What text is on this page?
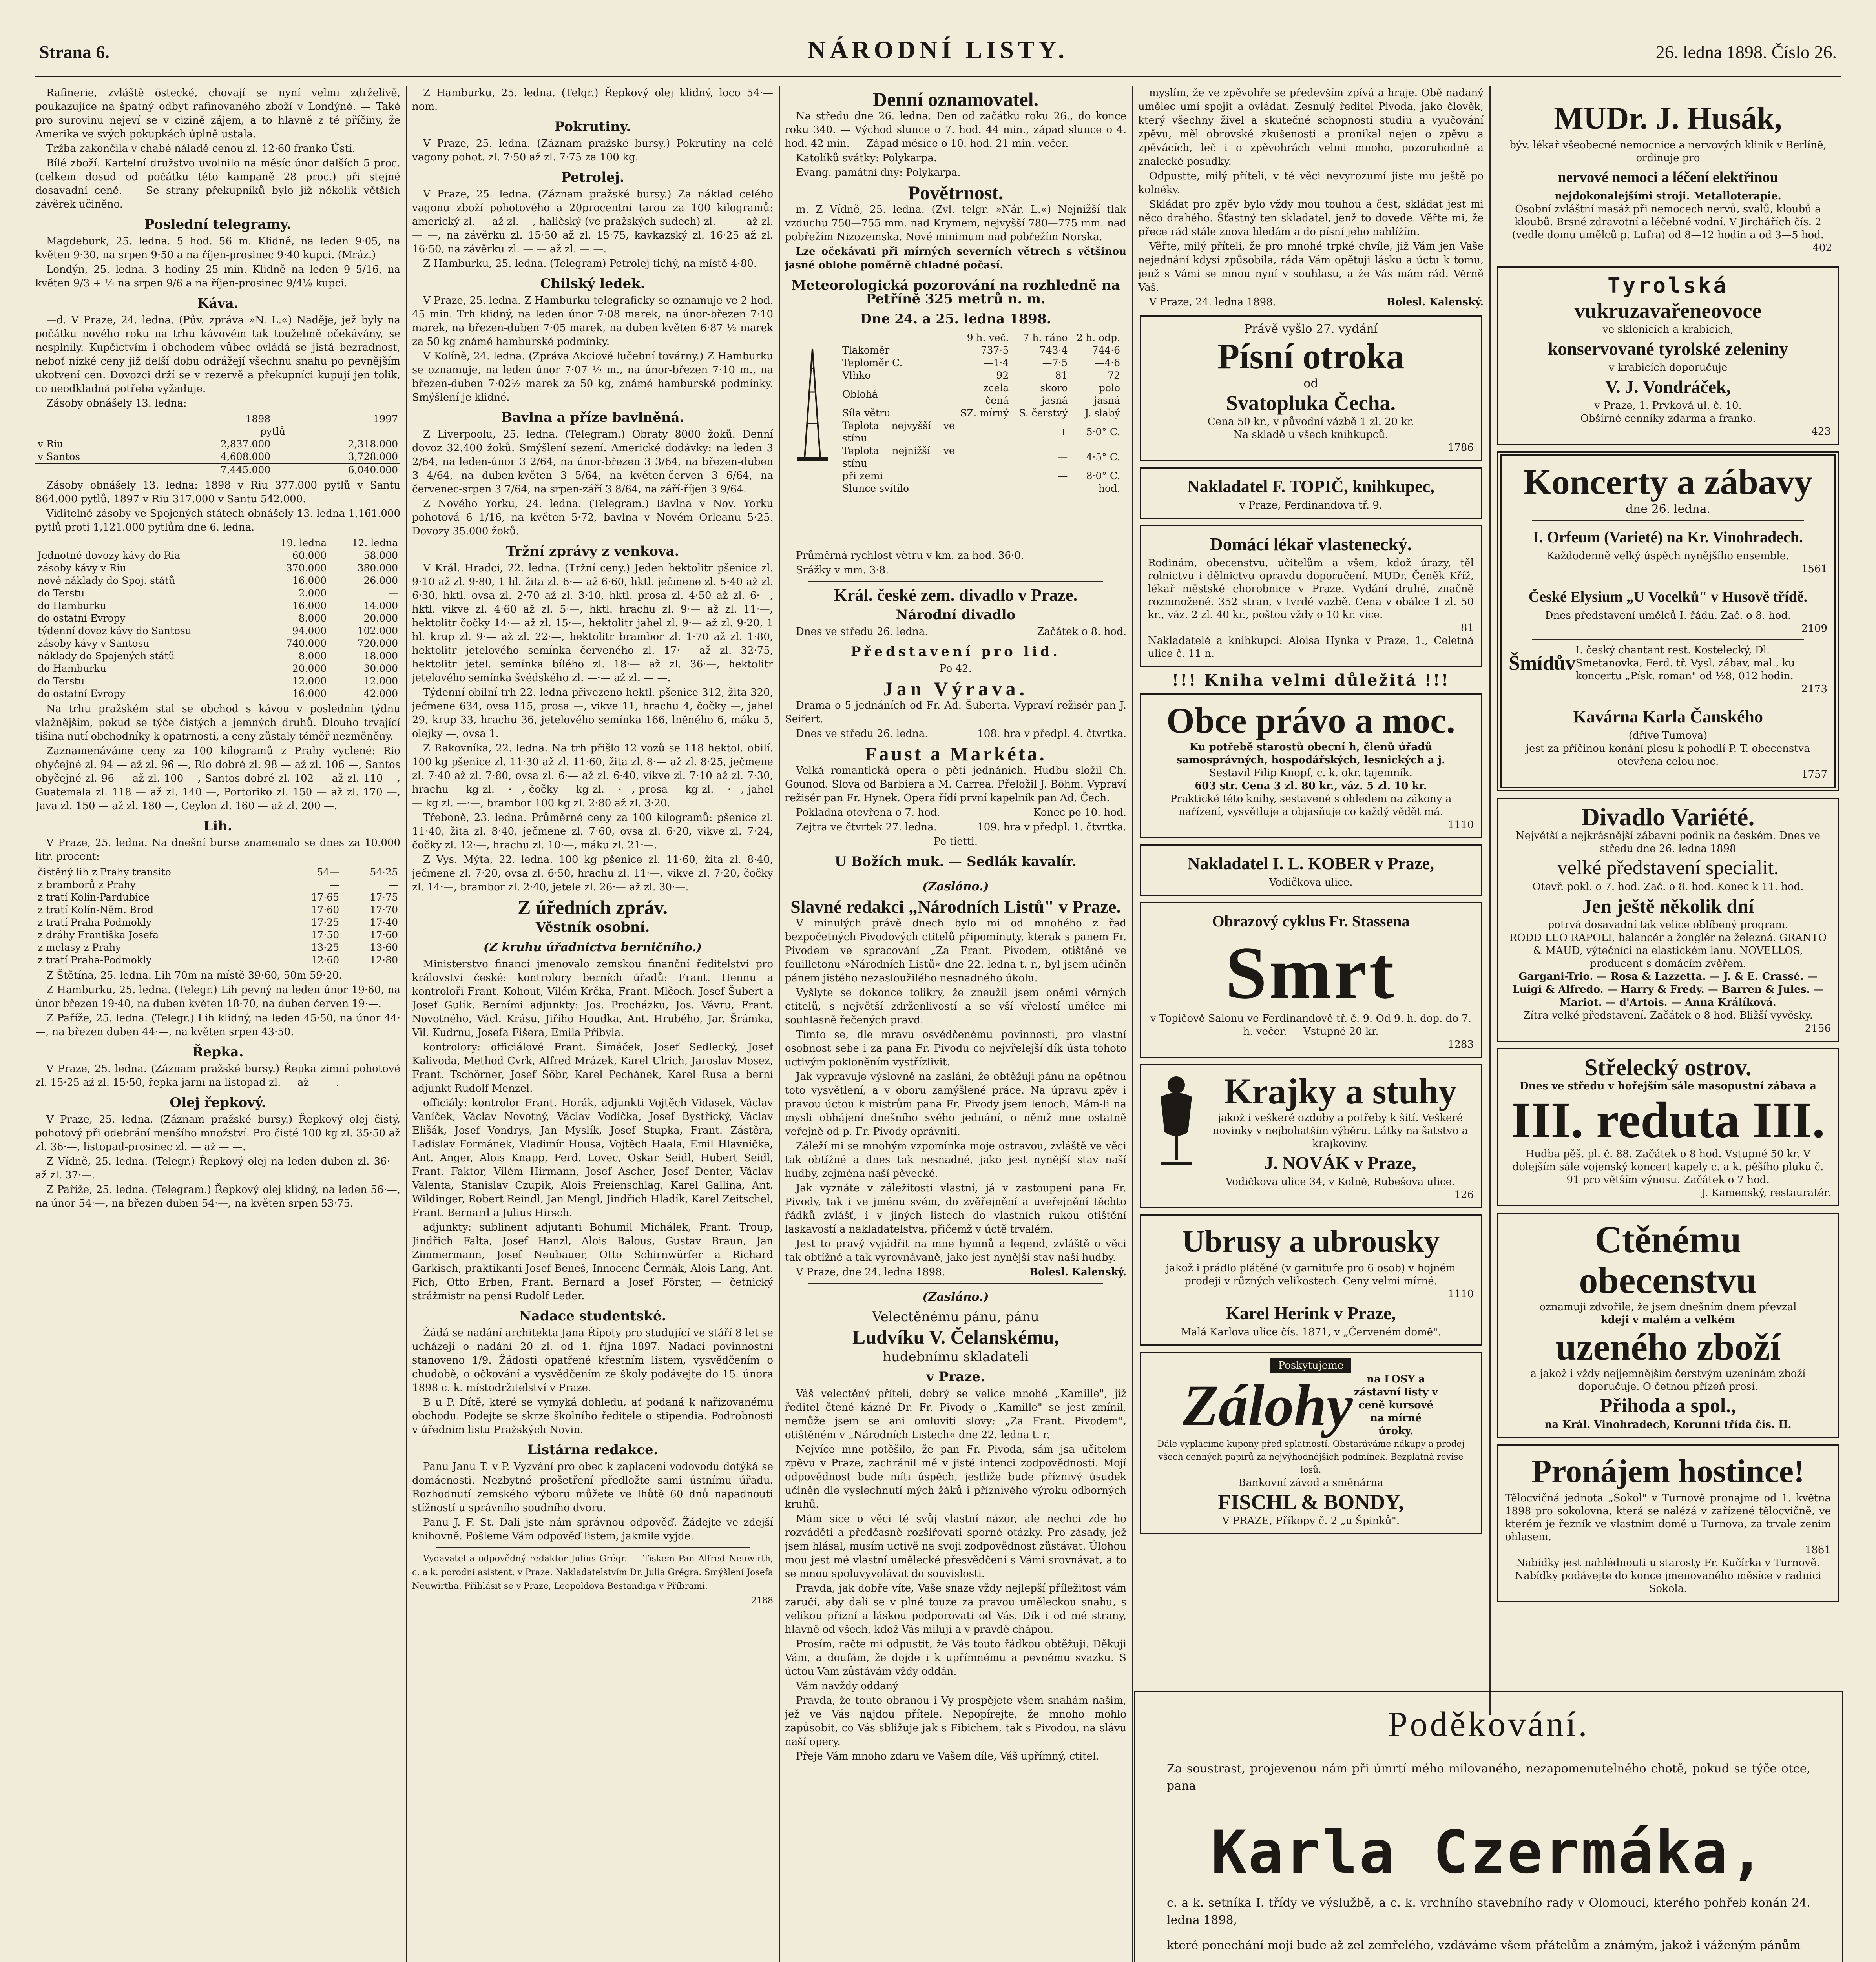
Strana 6.	NÁRODNÍ LISTY.	26. ledna 1898. Číslo 26.

Rafinerie, zvláště östecké, chovají se nyní velmi zdrželivě, poukazujíce na špatný odbyt rafinovaného zboží v Londýně. — Také pro surovinu nejeví se v cizině zájem, a to hlavně z té příčiny, že Amerika ve svých pokupkách úplně ustala.

Tržba zakončila v chabé náladě cenou zl. 12·60 franko Ústí.

Bílé zboží. Kartelní družstvo uvolnilo na měsíc únor dalších 5 proc. (celkem dosud od počátku této kampaně 28 proc.) při stejné dosavadní ceně. — Se strany překupníků bylo již několik větších závěrek učiněno.

Poslední telegramy.

Magdeburk, 25. ledna. 5 hod. 56 m. Klidně, na leden 9·05, na květen 9·30, na srpen 9·50 a na říjen-prosinec 9·40 kupci. (Mráz.)

Londýn, 25. ledna. 3 hodiny 25 min. Klidně na leden 9 5/16, na květen 9/3 + ¼ na srpen 9/6 a na říjen-prosinec 9/4⅛ kupci.

Káva.

—d. V Praze, 24. ledna. (Pův. zpráva »N. L.«) Naděje, jež byly na počátku nového roku na trhu kávovém tak toužebně očekávány, se nesplnily. Kupčictvím i obchodem vůbec ovládá se jistá bezradnost, neboť nízké ceny již delší dobu odrážejí všechnu snahu po pevnějším ukotvení cen. Dovozci drží se v rezervě a překupníci kupují jen tolik, co neodkladná potřeba vyžaduje.

Zásoby obnášely 13. ledna:

	1898	1997
	pytlů	
v Riu	2,837.000	2,318.000
v Santos	4,608.000	3,728.000
	7,445.000	6,040.000

Zásoby obnášely 13. ledna: 1898 v Riu 377.000 pytlů v Santu 864.000 pytlů, 1897 v Riu 317.000 v Santu 542.000.

Viditelné zásoby ve Spojených státech obnášely 13. ledna 1,161.000 pytlů proti 1,121.000 pytlům dne 6. ledna.

	19. ledna	12. ledna
Jednotné dovozy kávy do Ria	60.000	58.000
zásoby kávy v Riu	370.000	380.000
nové náklady do Spoj. států	16.000	26.000
do Terstu	2.000	—
do Hamburku	16.000	14.000
do ostatní Evropy	8.000	20.000
týdenní dovoz kávy do Santosu	94.000	102.000
zásoby kávy v Santosu	740.000	720.000
náklady do Spojených států	8.000	18.000
do Hamburku	20.000	30.000
do Terstu	12.000	12.000
do ostatní Evropy	16.000	42.000

Na trhu pražském stal se obchod s kávou v posledním týdnu vlažnějším, pokud se týče čistých a jemných druhů. Dlouho trvající tišina nutí obchodníky k opatrnosti, a ceny zůstaly téměř nezměněny.

Zaznamenáváme ceny za 100 kilogramů z Prahy vyclené: Rio obyčejné zl. 94 — až zl. 96 —, Rio dobré zl. 98 — až zl. 106 —, Santos obyčejné zl. 96 — až zl. 100 —, Santos dobré zl. 102 — až zl. 110 —, Guatemala zl. 118 — až zl. 140 —, Portoriko zl. 150 — až zl. 170 —, Java zl. 150 — až zl. 180 —, Ceylon zl. 160 — až zl. 200 —.

Lih.

V Praze, 25. ledna. Na dnešní burse znamenalo se dnes za 10.000 litr. procent:

čistěný lih z Prahy transito	54—	54·25
z bramborů z Prahy	—	—
z tratí Kolín-Pardubice	17·65	17·75
z tratí Kolín-Něm. Brod	17·60	17·70
z tratí Praha-Podmokly	17·25	17·40
z dráhy Františka Josefa	17·50	17·60
z melasy z Prahy	13·25	13·60
z tratí Praha-Podmokly	12·60	12·80

Z Štětína, 25. ledna. Lih 70m na místě 39·60, 50m 59·20.

Z Hamburku, 25. ledna. (Telegr.) Lih pevný na leden únor 19·60, na únor březen 19·40, na duben květen 18·70, na duben červen 19·—.

Z Paříže, 25. ledna. (Telegr.) Lih klidný, na leden 45·50, na únor 44·—, na březen duben 44·—, na květen srpen 43·50.

Řepka.

V Praze, 25. ledna. (Záznam pražské bursy.) Řepka zimní pohotové zl. 15·25 až zl. 15·50, řepka jarní na listopad zl. — až — —.

Olej řepkový.

V Praze, 25. ledna. (Záznam pražské bursy.) Řepkový olej čistý, pohotový při odebrání menšího množství. Pro čisté 100 kg zl. 35·50 až zl. 36·—, listopad-prosinec zl. — až — —.

Z Vídně, 25. ledna. (Telegr.) Řepkový olej na leden duben zl. 36·— až zl. 37·—.

Z Paříže, 25. ledna. (Telegram.) Řepkový olej klidný, na leden 56·—, na únor 54·—, na březen duben 54·—, na květen srpen 53·75.

Z Hamburku, 25. ledna. (Telgr.) Řepkový olej klidný, loco 54·— nom.

Pokrutiny.

V Praze, 25. ledna. (Záznam pražské bursy.) Pokrutiny na celé vagony pohot. zl. 7·50 až zl. 7·75 za 100 kg.

Petrolej.

V Praze, 25. ledna. (Záznam pražské bursy.) Za náklad celého vagonu zboží pohotového a 20procentní tarou za 100 kilogramů: americký zl. — až zl. —, haličský (ve pražských sudech) zl. — — až zl. — —, na závěrku zl. 15·50 až zl. 15·75, kavkazský zl. 16·25 až zl. 16·50, na závěrku zl. — — až zl. — —.

Z Hamburku, 25. ledna. (Telegram) Petrolej tichý, na místě 4·80.

Chilský ledek.

V Praze, 25. ledna. Z Hamburku telegraficky se oznamuje ve 2 hod. 45 min. Trh klidný, na leden únor 7·08 marek, na únor-březen 7·10 marek, na březen-duben 7·05 marek, na duben květen 6·87 ½ marek za 50 kg známé hamburské podmínky.

V Kolíně, 24. ledna. (Zpráva Akciové lučební továrny.) Z Hamburku se oznamuje, na leden únor 7·07 ½ m., na únor-březen 7·10 m., na březen-duben 7·02½ marek za 50 kg, známé hamburské podmínky. Smýšlení je klidné.

Bavlna a příze bavlněná.

Z Liverpoolu, 25. ledna. (Telegram.) Obraty 8000 žoků. Denní dovoz 32.400 žoků. Smýšlení sezení. Americké dodávky: na leden 3 2/64, na leden-únor 3 2/64, na únor-březen 3 3/64, na březen-duben 3 4/64, na duben-květen 3 5/64, na květen-červen 3 6/64, na červenec-srpen 3 7/64, na srpen-září 3 8/64, na září-říjen 3 9/64.

Z Nového Yorku, 24. ledna. (Telegram.) Bavlna v Nov. Yorku pohotová 6 1/16, na květen 5·72, bavlna v Novém Orleanu 5·25. Dovozy 35.000 žoků.

Tržní zprávy z venkova.

V Král. Hradci, 22. ledna. (Tržní ceny.) Jeden hektolitr pšenice zl. 9·10 až zl. 9·80, 1 hl. žita zl. 6·— až 6·60, hktl. ječmene zl. 5·40 až zl. 6·30, hktl. ovsa zl. 2·70 až zl. 3·10, hktl. prosa zl. 4·50 až zl. 6·—, hktl. vikve zl. 4·60 až zl. 5·—, hktl. hrachu zl. 9·— až zl. 11·—, hektolitr čočky 14·— až zl. 15·—, hektolitr jahel zl. 9·— až zl. 9·20, 1 hl. krup zl. 9·— až zl. 22·—, hektolitr brambor zl. 1·70 až zl. 1·80, hektolitr jetelového semínka červeného zl. 17·— až zl. 32·75, hektolitr jetel. semínka bílého zl. 18·— až zl. 36·—, hektolitr jetelového semínka švédského zl. —·— až zl. — —.

Týdenní obilní trh 22. ledna přivezeno hektl. pšenice 312, žita 320, ječmene 634, ovsa 115, prosa —, vikve 11, hrachu 4, čočky —, jahel 29, krup 33, hrachu 36, jetelového semínka 166, lněného 6, máku 5, olejky —, ovsa 1.

Z Rakovníka, 22. ledna. Na trh přišlo 12 vozů se 118 hektol. obilí. 100 kg pšenice zl. 11·30 až zl. 11·60, žita zl. 8·— až zl. 8·25, ječmene zl. 7·40 až zl. 7·80, ovsa zl. 6·— až zl. 6·40, vikve zl. 7·10 až zl. 7·30, hrachu — kg zl. —·—, čočky — kg zl. —·—, prosa — kg zl. —·—, jahel — kg zl. —·—, brambor 100 kg zl. 2·80 až zl. 3·20.

Třeboně, 23. ledna. Průměrné ceny za 100 kilogramů: pšenice zl. 11·40, žita zl. 8·40, ječmene zl. 7·60, ovsa zl. 6·20, vikve zl. 7·24, čočky zl. 12·—, hrachu zl. 10·—, máku zl. 21·—.

Z Vys. Mýta, 22. ledna. 100 kg pšenice zl. 11·60, žita zl. 8·40, ječmene zl. 7·20, ovsa zl. 6·50, hrachu zl. 11·—, vikve zl. 7·20, čočky zl. 14·—, brambor zl. 2·40, jetele zl. 26·— až zl. 30·—.

Z úředních zpráv.
Věstník osobní.
(Z kruhu úřadnictva berničního.)

Ministerstvo financí jmenovalo zemskou finanční ředitelství pro království české: kontrolory berních úřadů: Frant. Hennu a kontroloři Frant. Kohout, Vilém Krčka, Frant. Mlčoch. Josef Šubert a Josef Gulík. Berními adjunkty: Jos. Procházku, Jos. Vávru, Frant. Novotného, Václ. Krásu, Jiřího Houdka, Ant. Hrubého, Jar. Šrámka, Vil. Kudrnu, Josefa Fišera, Emila Přibyla.

kontrolory: officiálové Frant. Šimáček, Josef Sedlecký, Josef Kalivoda, Method Cvrk, Alfred Mrázek, Karel Ulrich, Jaroslav Mosez, Frant. Tschörner, Josef Šöbr, Karel Pechánek, Karel Rusa a berní adjunkt Rudolf Menzel.

officiály: kontrolor Frant. Horák, adjunkti Vojtěch Vidasek, Václav Vaníček, Václav Novotný, Václav Vodička, Josef Bystřický, Václav Elišák, Josef Vondrys, Jan Myslík, Josef Stupka, Frant. Zástěra, Ladislav Formánek, Vladimír Housa, Vojtěch Haala, Emil Hlavnička, Ant. Anger, Alois Knapp, Ferd. Lovec, Oskar Seidl, Hubert Seidl, Frant. Faktor, Vilém Hirmann, Josef Ascher, Josef Denter, Václav Valenta, Stanislav Czupik, Alois Freienschlag, Karel Gallina, Ant. Wildinger, Robert Reindl, Jan Mengl, Jindřich Hladík, Karel Zeitschel, Frant. Bernard a Julius Hirsch.

adjunkty: sublinent adjutanti Bohumil Michálek, Frant. Troup, Jindřich Falta, Josef Hanzl, Alois Balous, Gustav Braun, Jan Zimmermann, Josef Neubauer, Otto Schirnwürfer a Richard Garkisch, praktikanti Josef Beneš, Innocenc Čermák, Alois Lang, Ant. Fich, Otto Erben, Frant. Bernard a Josef Förster, — četnický strážmistr na pensi Rudolf Leder.

Nadace studentské.

Žádá se nadání architekta Jana Řípoty pro studující ve stáří 8 let se ucházejí o nadání 20 zl. od 1. října 1897. Nadací povinnostní stanoveno 1/9. Žádosti opatřené křestním listem, vysvědčením o chudobě, o očkování a vysvědčením ze školy podávejte do 15. února 1898 c. k. místodržitelství v Praze.

B u P. Dítě, které se vymyká dohledu, ať podaná k nařizovanému obchodu. Podejte se skrze školního ředitele o stipendia. Podrobnosti v úředním listu Pražských Novin.

Listárna redakce.

Panu Janu T. v P. Vyzvání pro obec k zaplacení vodovodu dotýká se domácnosti. Nezbytné prošetření předložte sami ústnímu úřadu. Rozhodnutí zemského výboru můžete ve lhůtě 60 dnů napadnouti stížností u správního soudního dvoru.

Panu J. F. St. Dali jste nám správnou odpověď. Žádejte ve zdejší knihovně. Pošleme Vám odpověď listem, jakmile vyjde.

Vydavatel a odpovědný redaktor Julius Grégr. — Tiskem Pan Alfred Neuwirth, c. a k. porodní asistent, v Praze. Nakladatelstvím Dr. Julia Grégra. Smýšlení Josefa Neuwirtha. Přihlásit se v Praze, Leopoldova Bestandiga v Příbrami.

2188

Denní oznamovatel.

Na středu dne 26. ledna. Den od začátku roku 26., do konce roku 340. — Východ slunce o 7. hod. 44 min., západ slunce o 4. hod. 42 min. — Západ měsíce o 10. hod. 21 min. večer.

Katolíků svátky: Polykarpa.

Evang. památní dny: Polykarpa.

Povětrnost.

m. Z Vídně, 25. ledna. (Zvl. telgr. »Nár. L.«) Nejnižší tlak vzduchu 750—755 mm. nad Krymem, nejvyšší 780—775 mm. nad pobřežím Nizozemska. Nové minimum nad pobřežím Norska.

Lze očekávati při mírných severních větrech s většinou jasné oblohe poměrně chladné počasí.

Meteorologická pozorování na rozhledně na Petříně 325 metrů n. m.
Dne 24. a 25. ledna 1898.
	9 h. več.	7 h. ráno	2 h. odp.
Tlakoměr	737·5	743·4	744·6
Teploměr C.	—1·4	—7·5	—4·6
Vlhko	92	81	72
Oblohá	zcela čená	skoro jasná	polo jasná
Síla větru	SZ. mírný	S. čerstvý	J. slabý
Teplota nejvyšší ve stínu		+	5·0° C.
Teplota nejnižší ve stínu		—	4·5° C.
při zemi		—	8·0° C.
Slunce svítilo		—	hod.

Průměrná rychlost větru v km. za hod. 36·0.

Srážky v mm. 3·8.

Král. české zem. divadlo v Praze.
Národní divadlo

Dnes ve středu 26. ledna.	Začátek o 8. hod.

Představení pro lid.
Po 42.
Jan Výrava.

Drama o 5 jednáních od Fr. Ad. Šuberta. Vypraví režisér pan J. Seifert.

Dnes ve středu 26. ledna.	108. hra v předpl. 4. čtvrtka.

Faust a Markéta.

Velká romantická opera o pěti jednáních. Hudbu složil Ch. Gounod. Slova od Barbiera a M. Carrea. Přeložil J. Böhm. Vypraví režisér pan Fr. Hynek. Opera řídí první kapelník pan Ad. Čech.

Pokladna otevřena o 7. hod.	Konec po 10. hod.

Zejtra ve čtvrtek 27. ledna.	109. hra v předpl. 1. čtvrtka.

Po tietti.
U Božích muk. — Sedlák kavalír.
(Zasláno.)
Slavné redakci „Národních Listů" v Praze.

V minulých právě dnech bylo mi od mnohého z řad bezpočetných Pivodových ctitelů připomínuty, kterak s panem Fr. Pivodem ve spracování „Za Frant. Pivodem, otištěné ve feuilletonu »Národních Listů« dne 22. ledna t. r., byl jsem učiněn pánem jistého nezasloužilého nesnadného úkolu.

Vyšlyte se dokonce tolikry, že zneužil jsem oněmi věrných ctitelů, s největší zdrženlivostí a se vší vřelostí umělce mi souhlasně řečených pravd.

Tímto se, dle mravu osvědčenému povinnosti, pro vlastní osobnost sebe i za pana Fr. Pivodu co nejvřelejší dík ústa tohoto uctivým pokloněním vystřízlivit.

Jak vypravuje výslovně na zasláni, že obtěžuji pánu na opětnou toto vysvětlení, a v oboru zamýšlené práce. Na úpravu zpěv i pravou úctou k mistrům pana Fr. Pivody jsem lenoch. Mám-li na mysli obhájení dnešního svého jednání, o němž mne ostatně veřejně od p. Fr. Pivody oprávniti.

Záleží mi se mnohým vzpomínka moje ostravou, zvláště ve věci tak obtížné a dnes tak nesnadné, jako jest nynější stav naší hudby, zejména naší pěvecké.

Jak vyznáte v záležitosti vlastní, já v zastoupení pana Fr. Pivody, tak i ve jménu svém, do zvěřejnění a uveřejnění těchto řádků zvlášť, i v jiných listech do vlastních rukou otištění laskavostí a nakladatelstva, přičemž v úctě trvalém.

Jest to pravý vyjádřit na mne hymnů a legend, zvláště o věci tak obtížné a tak vyrovnávaně, jako jest nynější stav naší hudby.

V Praze, dne 24. ledna 1898.	Bolesl. Kalenský.

(Zasláno.)
Velectěnému pánu, pánu
Ludvíku V. Čelanskému,
hudebnímu skladateli
v Praze.

Váš velectěný příteli, dobrý se velice mnohé „Kamille", již ředitel čtené kázné Dr. Fr. Pivody o „Kamille" se jest zmínil, nemůže jsem se ani omluviti slovy: „Za Frant. Pivodem", otištěném v „Národních Listech« dne 22. ledna t. r.

Nejvíce mne potěšilo, že pan Fr. Pivoda, sám jsa učitelem zpěvu v Praze, zachránil mě v jisté intenci zodpovědnosti. Mojí odpovědnost bude míti úspěch, jestliže bude příznivý úsudek učiněn dle vyslechnutí mých žáků i příznivého výroku odborných kruhů.

Mám sice o věci té svůj vlastní názor, ale nechci zde ho rozváděti a předčasně rozšiřovati sporné otázky. Pro zásady, jež jsem hlásal, musím uctivě na svoji zodpovědnost zůstávat. Úlohou mou jest mé vlastní umělecké přesvědčení s Vámi srovnávat, a to se mnou spoluvyvolávat do souvislosti.

Pravda, jak dobře víte, Vaše snaze vždy nejlepší příležitost vám zaručí, aby dali se v plné touze za pravou uměleckou snahu, s velikou přízní a láskou podporovati od Vás. Dík i od mé strany, hlavně od všech, kdož Vás milují a v pravdě chápou.

Prosím, račte mi odpustit, že Vás touto řádkou obtěžuji. Děkuji Vám, a doufám, že dojde i k upřímnému a pevnému svazku. S úctou Vám zůstávám vždy oddán.

Vám navždy oddaný

Pravda, že touto obranou i Vy prospějete všem snahám našim, jež ve Vás najdou přítele. Nepopírejte, že mnoho mohlo zapůsobit, co Vás sbližuje jak s Fibichem, tak s Pivodou, na slávu naší opery.

Přeje Vám mnoho zdaru ve Vašem díle, Váš upřímný, ctitel.

myslím, že ve zpěvohře se především zpívá a hraje. Obě nadaný umělec umí spojit a ovládat. Zesnulý ředitel Pivoda, jako člověk, který všechny živel a skutečné schopnosti studiu a vyučování zpěvu, měl obrovské zkušenosti a pronikal nejen o zpěvu a zpěvácích, leč i o zpěvohrách velmi mnoho, pozoruhodně a znalecké posudky.

Odpustte, milý příteli, v té věci nevyrozumí jiste mu ještě po kolnéky.

Skládat pro zpěv bylo vždy mou touhou a čest, skládat jest mi něco drahého. Šťastný ten skladatel, jenž to dovede. Věřte mi, že přece rád stále znova hledám a do písní jeho nahlížím.

Věřte, milý příteli, že pro mnohé trpké chvíle, již Vám jen Vaše nejednání kdysi způsobila, ráda Vám opětuji lásku a úctu k tomu, jenž s Vámi se mnou nyní v souhlasu, a že Vás mám rád. Věrně Váš.

V Praze, 24. ledna 1898.	Bolesl. Kalenský.

Právě vyšlo 27. vydání
Písní otroka
od
Svatopluka Čecha.
Cena 50 kr., v původní vázbě 1 zl. 20 kr.
Na skladě u všech knihkupců.
1786
Nakladatel F. TOPIČ, knihkupec,
v Praze, Ferdinandova tř. 9.
Domácí lékař vlastenecký.
Rodinám, obecenstvu, učitelům a všem, kdož úrazy, těl rolnictvu i dělnictvu opravdu doporučení. MUDr. Čeněk Kříž, lékař městské chorobnice v Praze. Vydání druhé, značně rozmnožené. 352 stran, v tvrdé vazbě. Cena v obálce 1 zl. 50 kr., váz. 2 zl. 40 kr., poštou vždy o 10 kr. více.
81
Nakladatelé a knihkupci: Aloisa Hynka v Praze, 1., Celetná ulice č. 11 n.
!!! Kniha velmi důležitá !!!
Obce právo a moc.
Ku potřebě starostů obecní h, členů úřadů samosprávných, hospodářských, lesnických a j.
Sestavil Filip Knopf, c. k. okr. tajemník.
603 str. Cena 3 zl. 80 kr., váz. 5 zl. 10 kr.
Praktické této knihy, sestavené s ohledem na zákony a nařízení, vysvětluje a objasňuje co každý vědět má.
1110
Nakladatel I. L. KOBER v Praze,
Vodičkova ulice.
Obrazový cyklus Fr. Stassena
Smrt
v Topičově Salonu ve Ferdinandově tř. č. 9. Od 9. h. dop. do 7. h. večer. — Vstupné 20 kr.
1283
Krajky a stuhy
jakož i veškeré ozdoby a potřeby k šití. Veškeré novinky v nejbohatším výběru. Látky na šatstvo a krajkoviny.
J. NOVÁK v Praze,
Vodičkova ulice 34, v Kolně, Rubešova ulice.
126
Ubrusy a ubrousky
jakož i prádlo plátěné (v garnituře pro 6 osob) v hojném prodeji v různých velikostech. Ceny velmi mírné.
1110
Karel Herink v Praze,
Malá Karlova ulice čís. 1871, v „Červeném domě".
Poskytujeme
Zálohy	na LOSY a zástavní listy v ceně kursové na mírné úroky.
Dále vyplácíme kupony před splatností. Obstaráváme nákupy a prodej všech cenných papírů za nejvýhodnějších podmínek. Bezplatná revise losů.
Bankovní závod a směnárna
FISCHL & BONDY,
V PRAZE, Příkopy č. 2 „u Špinků".
MUDr. J. Husák,
býv. lékař všeobecné nemocnice a nervových klinik v Berlíně, ordinuje pro
nervové nemoci a léčení elektřinou
nejdokonalejšími stroji. Metalloterapie.
Osobní zvláštní masáž při nemocech nervů, svalů, kloubů a kloubů. Brsné zdravotní a léčebné vodní. V Jirchářích čís. 2 (vedle domu umělců p. Lufra) od 8—12 hodin a od 3—5 hod.
402
Tyrolská
vukruzavařeneovoce
ve sklenicích a krabicích,
konservované tyrolské zeleniny
v krabicích doporučuje
V. J. Vondráček,
v Praze, 1. Prvková ul. č. 10.
Obšírné cenníky zdarma a franko.
423
Koncerty a zábavy
dne 26. ledna.
I. Orfeum (Varieté) na Kr. Vinohradech.
Každodenně velký úspěch nynějšího ensemble.
1561
České Elysium „U Vocelků" v Husově třídě.
Dnes představení umělců I. řádu. Zač. o 8. hod.
2109
Šmídův
I. český chantant rest. Kostelecký, Dl. Smetanovka, Ferd. tř. Vysl. zábav, mal., ku koncertu „Písk. roman" od ½8, 012 hodin.
2173
Kavárna Karla Čanského
(dříve Tumova)
jest za příčinou konání plesu k pohodlí P. T. obecenstva otevřena celou noc.
1757
Divadlo Variété.
Největší a nejkrásnější zábavní podnik na českém. Dnes ve středu dne 26. ledna 1898
velké představení specialit.
Otevř. pokl. o 7. hod. Zač. o 8. hod. Konec k 11. hod.
Jen ještě několik dní
potrvá dosavadní tak velice oblíbený program.
RODD LEO RAPOLI, balancér a žonglér na železná. GRANTO & MAUD, výtečníci na elastickém lanu. NOVELLOS, producent s domácím zvěřem.
Gargani-Trio. — Rosa & Lazzetta. — J. & E. Crassé. — Luigi & Alfredo. — Harry & Fredy. — Barren & Jules. — Mariot. — d'Artois. — Anna Králíková.
Zítra velké představení. Začátek o 8 hod. Bližší vyvěsky.
2156
Střelecký ostrov.
Dnes ve středu v hořejším sále masopustní zábava a
III. reduta III.
Hudba pěš. pl. č. 88. Začátek o 8 hod. Vstupné 50 kr. V dolejším sále vojenský koncert kapely c. a k. pěšího pluku č. 91 pro větším výnosu. Začátek o 7 hod.
J. Kamenský, restauratér.
Ctěnému obecenstvu
oznamuji zdvořile, že jsem dnešním dnem převzal
kdeji v malém a velkém
uzeného zboží
a jakož i vždy nejjemnějším čerstvým uzeninám zboží doporučuje. O četnou přízeň prosí.
Přihoda a spol.,
na Král. Vinohradech, Korunní třída čís. II.
Pronájem hostince!
Tělocvičná jednota „Sokol" v Turnově pronajme od 1. května 1898 pro sokolovna, která se nalézá v zařízené tělocvičně, ve kterém je řezník ve vlastním domě u Turnova, za trvale zenim ohlasem.
1861
Nabídky jest nahlédnouti u starosty Fr. Kučírka v Turnově.
Nabídky podávejte do konce jmenovaného měsíce v radnici Sokola.
Poděkování.
Za soustrast, projevenou nám při úmrtí mého milovaného, nezapomenutelného chotě, pokud se týče otce, pana
Karla Czermáka,
c. a k. setníka I. třídy ve výslužbě, a c. k. vrchního stavebního rady v Olomouci, kterého pohřeb konán 24. ledna 1898,
které ponechání mojí bude až zel zemřelého, vzdáváme všem přátelům a známým, jakož i váženým pánům
